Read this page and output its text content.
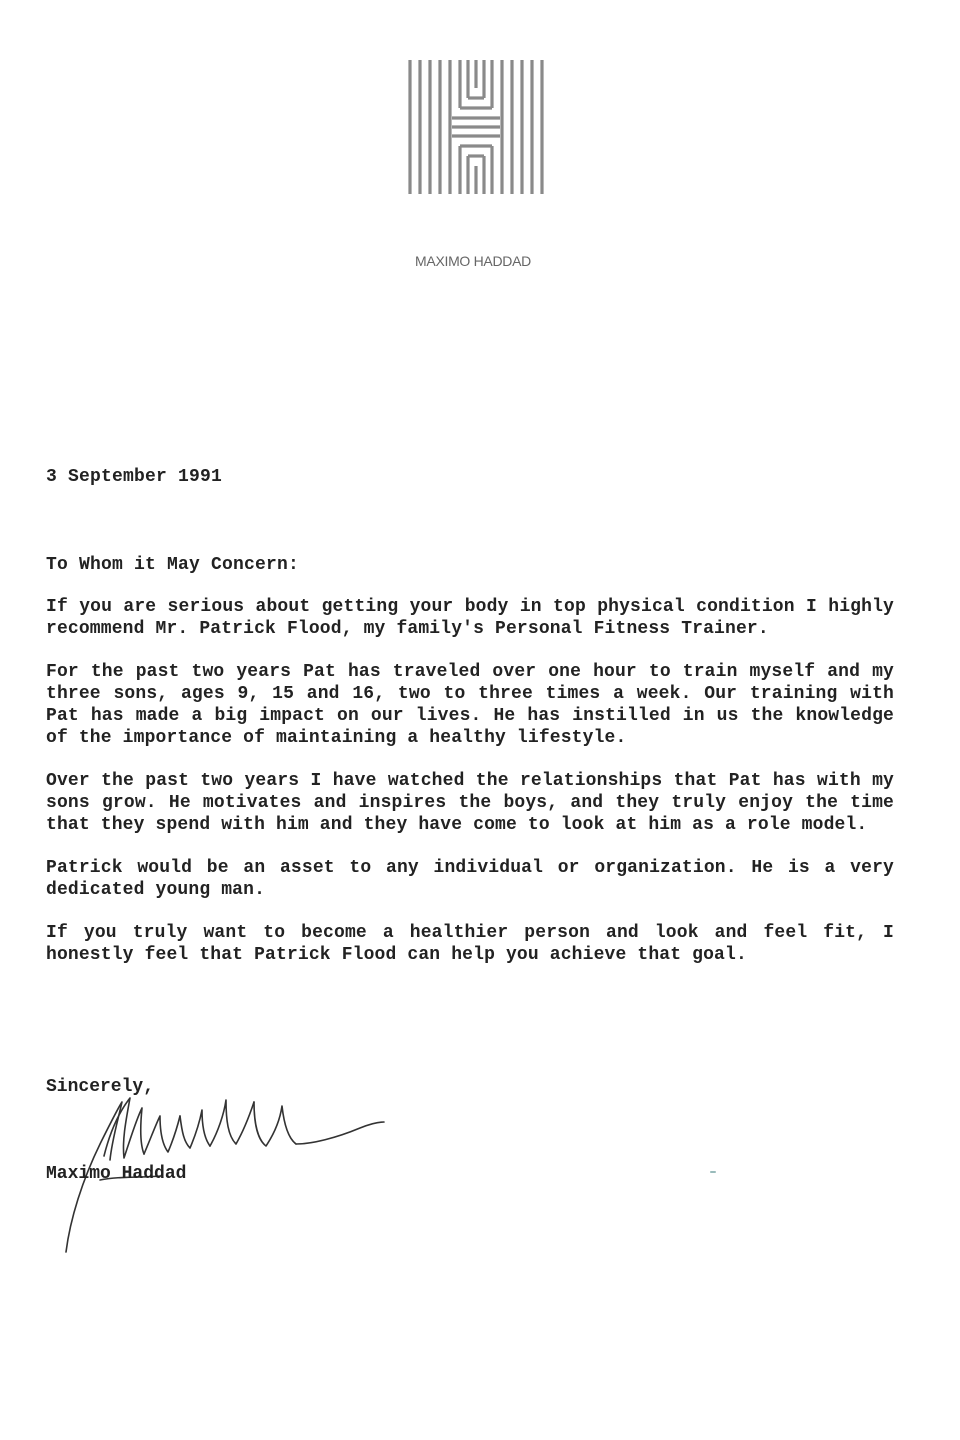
MAXIMO HADDAD
3 September 1991
To Whom it May Concern:

If you are serious about getting your body in top physical condition I highly recommend Mr. Patrick Flood, my family's Personal Fitness Trainer.

For the past two years Pat has traveled over one hour to train myself and my three sons, ages 9, 15 and 16, two to three times a week. Our training with Pat has made a big impact on our lives. He has instilled in us the knowledge of the importance of maintaining a healthy lifestyle.

Over the past two years I have watched the relationships that Pat has with my sons grow. He motivates and inspires the boys, and they truly enjoy the time that they spend with him and they have come to look at him as a role model.

Patrick would be an asset to any individual or organization. He is a very dedicated young man.

If you truly want to become a healthier person and look and feel fit, I honestly feel that Patrick Flood can help you achieve that goal.

Sincerely,
Maximo Haddad
